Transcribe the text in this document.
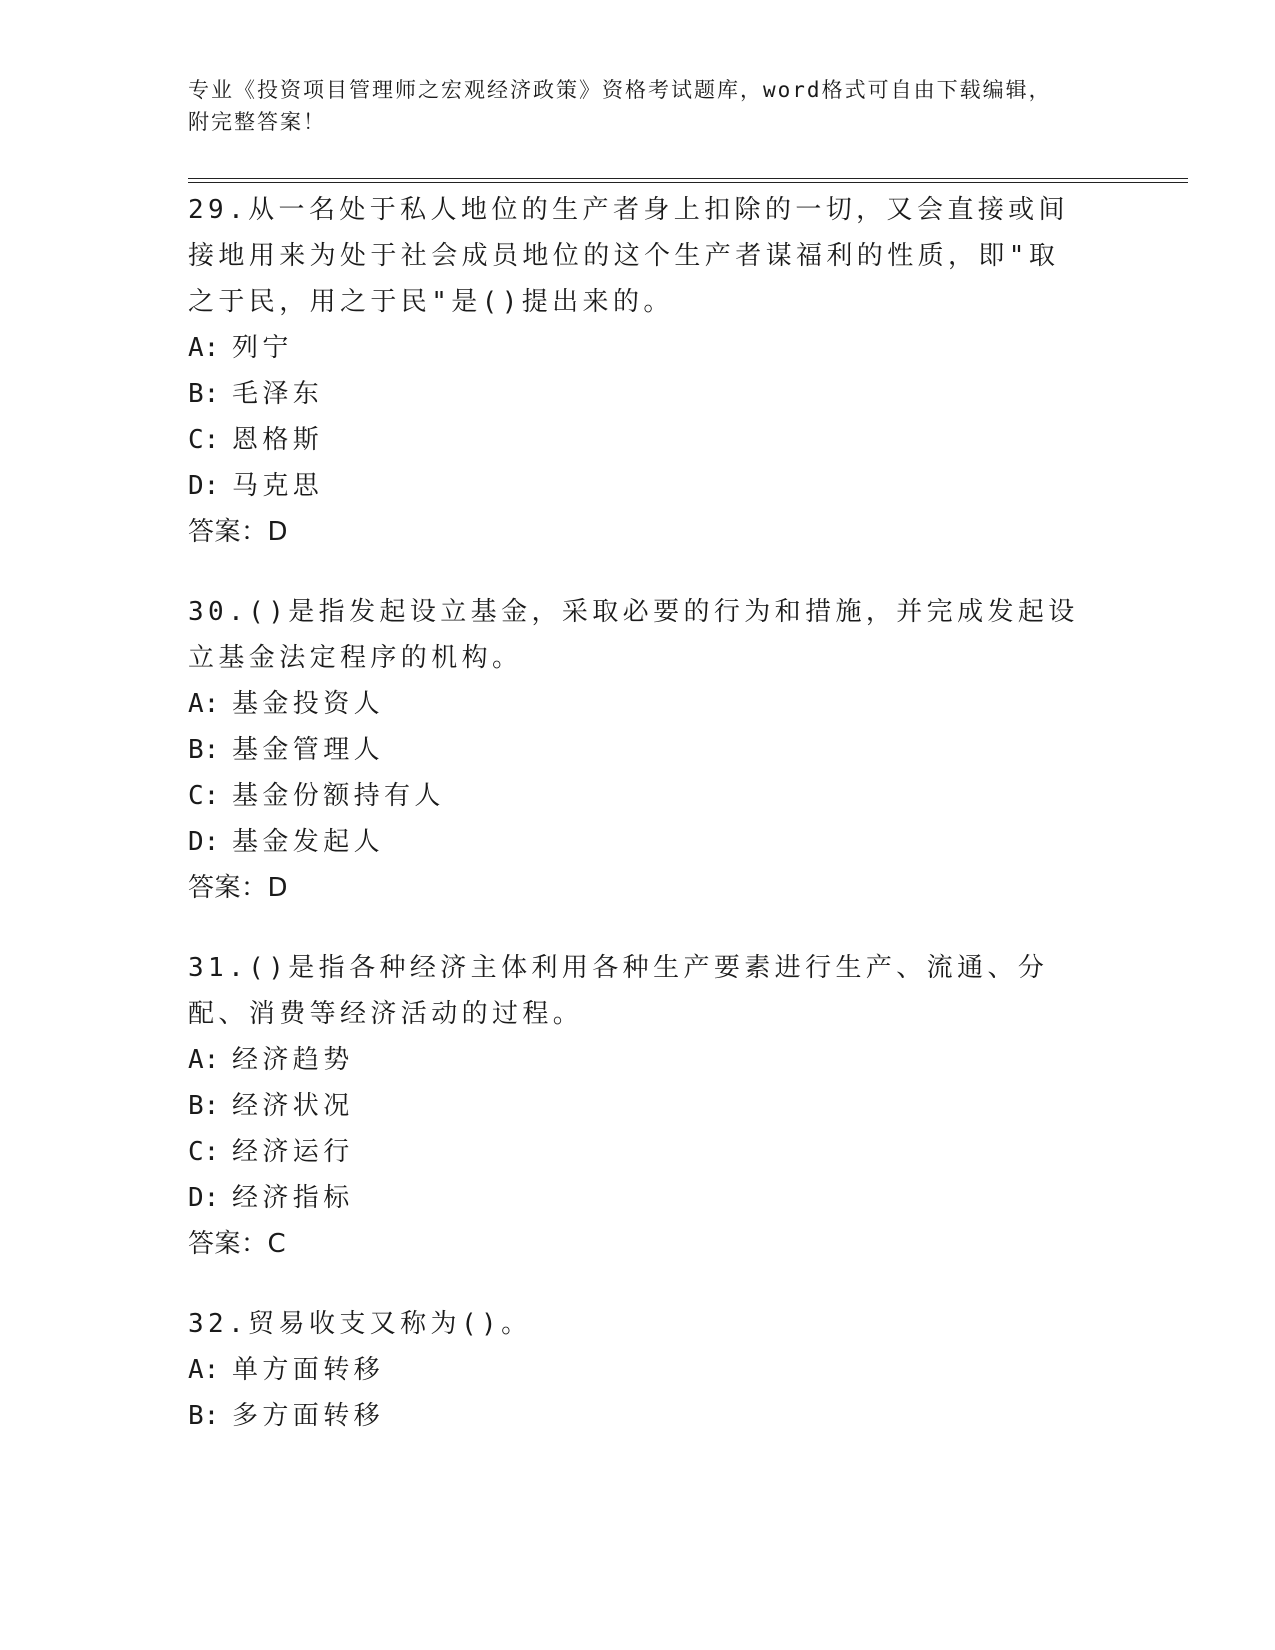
专业《投资项目管理师之宏观经济政策》资格考试题库，word格式可自由下载编辑，附完整答案！

29.从一名处于私人地位的生产者身上扣除的一切，又会直接或间接地用来为处于社会成员地位的这个生产者谋福利的性质，即"取之于民，用之于民"是()提出来的。

A: 列宁

B: 毛泽东

C: 恩格斯

D: 马克思

答案：D

30.()是指发起设立基金，采取必要的行为和措施，并完成发起设立基金法定程序的机构。

A: 基金投资人

B: 基金管理人

C: 基金份额持有人

D: 基金发起人

答案：D

31.()是指各种经济主体利用各种生产要素进行生产、流通、分配、消费等经济活动的过程。

A: 经济趋势

B: 经济状况

C: 经济运行

D: 经济指标

答案：C

32.贸易收支又称为()。

A: 单方面转移

B: 多方面转移
